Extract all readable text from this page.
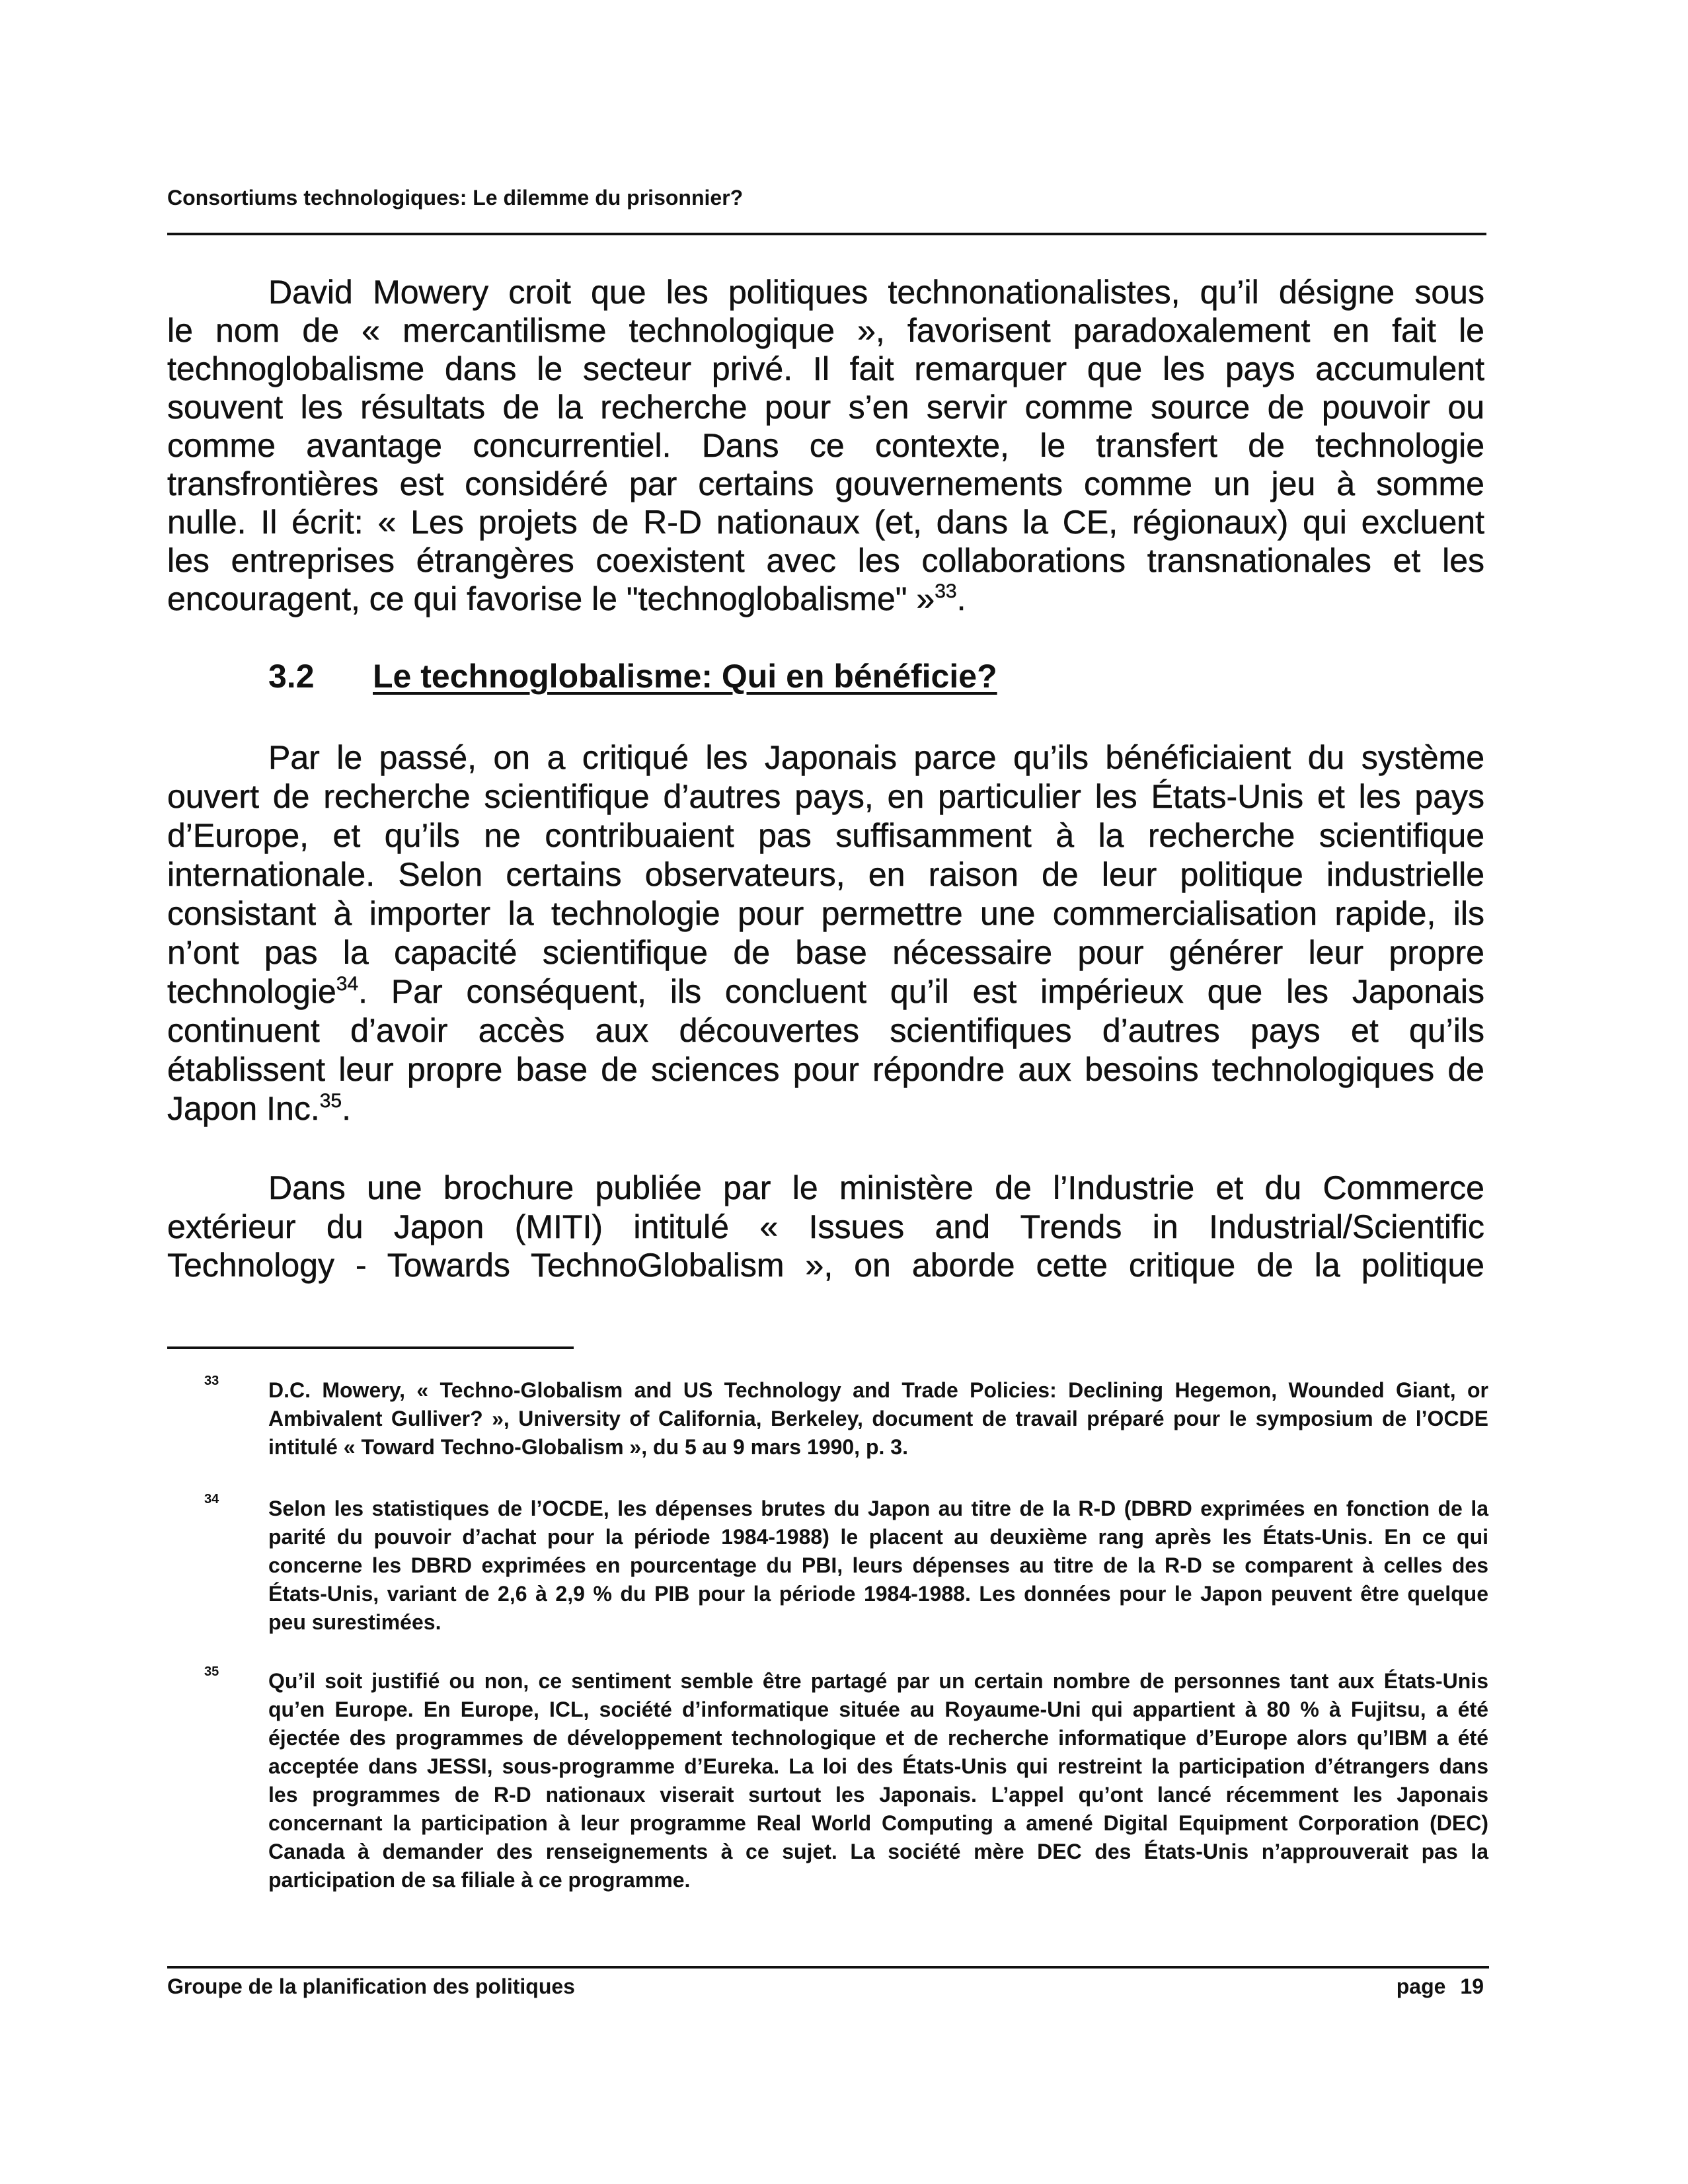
Consortiums technologiques: Le dilemme du prisonnier?
David Mowery croit que les politiques technonationalistes, qu’il désigne sous
le nom de « mercantilisme technologique », favorisent paradoxalement en fait le
technoglobalisme dans le secteur privé. Il fait remarquer que les pays accumulent
souvent les résultats de la recherche pour s’en servir comme source de pouvoir ou
comme avantage concurrentiel. Dans ce contexte, le transfert de technologie
transfrontières est considéré par certains gouvernements comme un jeu à somme
nulle. Il écrit: « Les projets de R-D nationaux (et, dans la CE, régionaux) qui excluent
les entreprises étrangères coexistent avec les collaborations transnationales et les
encouragent, ce qui favorise le "technoglobalisme" »$^{33}$.
3.2 Le technoglobalisme: Qui en bénéficie?
Par le passé, on a critiqué les Japonais parce qu’ils bénéficiaient du système
ouvert de recherche scientifique d’autres pays, en particulier les États-Unis et les pays
d’Europe, et qu’ils ne contribuaient pas suffisamment à la recherche scientifique
internationale. Selon certains observateurs, en raison de leur politique industrielle
consistant à importer la technologie pour permettre une commercialisation rapide, ils
n’ont pas la capacité scientifique de base nécessaire pour générer leur propre
technologie$^{34}$. Par conséquent, ils concluent qu’il est impérieux que les Japonais
continuent d’avoir accès aux découvertes scientifiques d’autres pays et qu’ils
établissent leur propre base de sciences pour répondre aux besoins technologiques de
Japon Inc.$^{35}$.
Dans une brochure publiée par le ministère de l’Industrie et du Commerce
extérieur du Japon (MITI) intitulé « Issues and Trends in Industrial/Scientific
Technology - Towards TechnoGlobalism », on aborde cette critique de la politique
33 D.C. Mowery, « Techno-Globalism and US Technology and Trade Policies: Declining Hegemon, Wounded Giant, or
Ambivalent Gulliver? », University of California, Berkeley, document de travail préparé pour le symposium de l’OCDE
intitulé « Toward Techno-Globalism », du 5 au 9 mars 1990, p. 3.
34 Selon les statistiques de l’OCDE, les dépenses brutes du Japon au titre de la R-D (DBRD exprimées en fonction de la
parité du pouvoir d’achat pour la période 1984-1988) le placent au deuxième rang après les États-Unis. En ce qui
concerne les DBRD exprimées en pourcentage du PBI, leurs dépenses au titre de la R-D se comparent à celles des
États-Unis, variant de 2,6 à 2,9 % du PIB pour la période 1984-1988. Les données pour le Japon peuvent être quelque
peu surestimées.
35 Qu’il soit justifié ou non, ce sentiment semble être partagé par un certain nombre de personnes tant aux États-Unis
qu’en Europe. En Europe, ICL, société d’informatique située au Royaume-Uni qui appartient à 80 % à Fujitsu, a été
éjectée des programmes de développement technologique et de recherche informatique d’Europe alors qu’IBM a été
acceptée dans JESSI, sous-programme d’Eureka. La loi des États-Unis qui restreint la participation d’étrangers dans
les programmes de R-D nationaux viserait surtout les Japonais. L’appel qu’ont lancé récemment les Japonais
concernant la participation à leur programme Real World Computing a amené Digital Equipment Corporation (DEC)
Canada à demander des renseignements à ce sujet. La société mère DEC des États-Unis n’approuverait pas la
participation de sa filiale à ce programme.
Groupe de la planification des politiques	page 19
